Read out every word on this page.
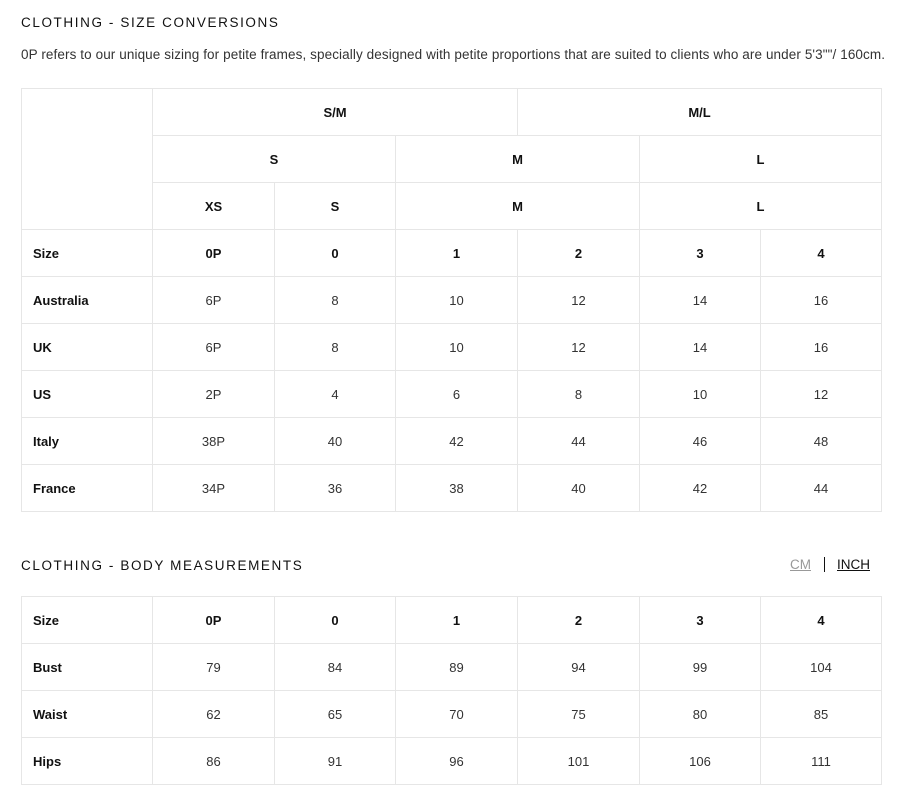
CLOTHING - SIZE CONVERSIONS

0P refers to our unique sizing for petite frames, specially designed with petite proportions that are suited to clients who are under 5'3""/ 160cm.

	S/M			M/L		
	S		M		L	
	XS	S	M		L	
Size	0P	0	1	2	3	4
Australia	6P	8	10	12	14	16
UK	6P	8	10	12	14	16
US	2P	4	6	8	10	12
Italy	38P	40	42	44	46	48
France	34P	36	38	40	42	44
CLOTHING - BODY MEASUREMENTS	CM INCH
Size	0P	0	1	2	3	4
Bust	79	84	89	94	99	104
Waist	62	65	70	75	80	85
Hips	86	91	96	101	106	111
